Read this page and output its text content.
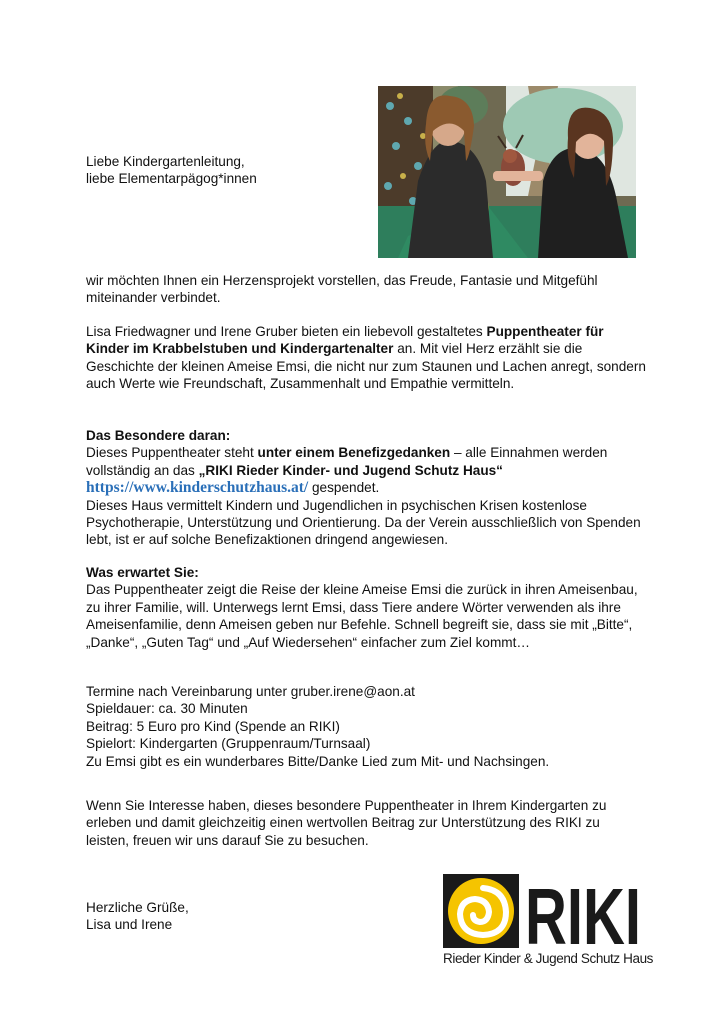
Liebe Kindergartenleitung,
liebe Elementarpägog*innen

wir möchten Ihnen ein Herzensprojekt vorstellen, das Freude, Fantasie und Mitgefühl miteinander verbindet.

Lisa Friedwagner und Irene Gruber bieten ein liebevoll gestaltetes Puppentheater für Kinder im Krabbelstuben und Kindergartenalter an. Mit viel Herz erzählt sie die Geschichte der kleinen Ameise Emsi, die nicht nur zum Staunen und Lachen anregt, sondern auch Werte wie Freundschaft, Zusammenhalt und Empathie vermitteln.

Das Besondere daran:
Dieses Puppentheater steht unter einem Benefizgedanken – alle Einnahmen werden vollständig an das „RIKI Rieder Kinder- und Jugend Schutz Haus“
https://www.kinderschutzhaus.at/ gespendet.
Dieses Haus vermittelt Kindern und Jugendlichen in psychischen Krisen kostenlose Psychotherapie, Unterstützung und Orientierung. Da der Verein ausschließlich von Spenden lebt, ist er auf solche Benefizaktionen dringend angewiesen.
Was erwartet Sie:
Das Puppentheater zeigt die Reise der kleine Ameise Emsi die zurück in ihren Ameisenbau, zu ihrer Familie, will. Unterwegs lernt Emsi, dass Tiere andere Wörter verwenden als ihre Ameisenfamilie, denn Ameisen geben nur Befehle. Schnell begreift sie, dass sie mit „Bitte“, „Danke“, „Guten Tag“ und „Auf Wiedersehen“ einfacher zum Ziel kommt…
Termine nach Vereinbarung unter gruber.irene@aon.at
Spieldauer: ca. 30 Minuten
Beitrag: 5 Euro pro Kind (Spende an RIKI)
Spielort: Kindergarten (Gruppenraum/Turnsaal)
Zu Emsi gibt es ein wunderbares Bitte/Danke Lied zum Mit- und Nachsingen.

Wenn Sie Interesse haben, dieses besondere Puppentheater in Ihrem Kindergarten zu erleben und damit gleichzeitig einen wertvollen Beitrag zur Unterstützung des RIKI zu leisten, freuen wir uns darauf Sie zu besuchen.

Herzliche Grüße,
Lisa und Irene	RIKI
Rieder Kinder & Jugend Schutz Haus
